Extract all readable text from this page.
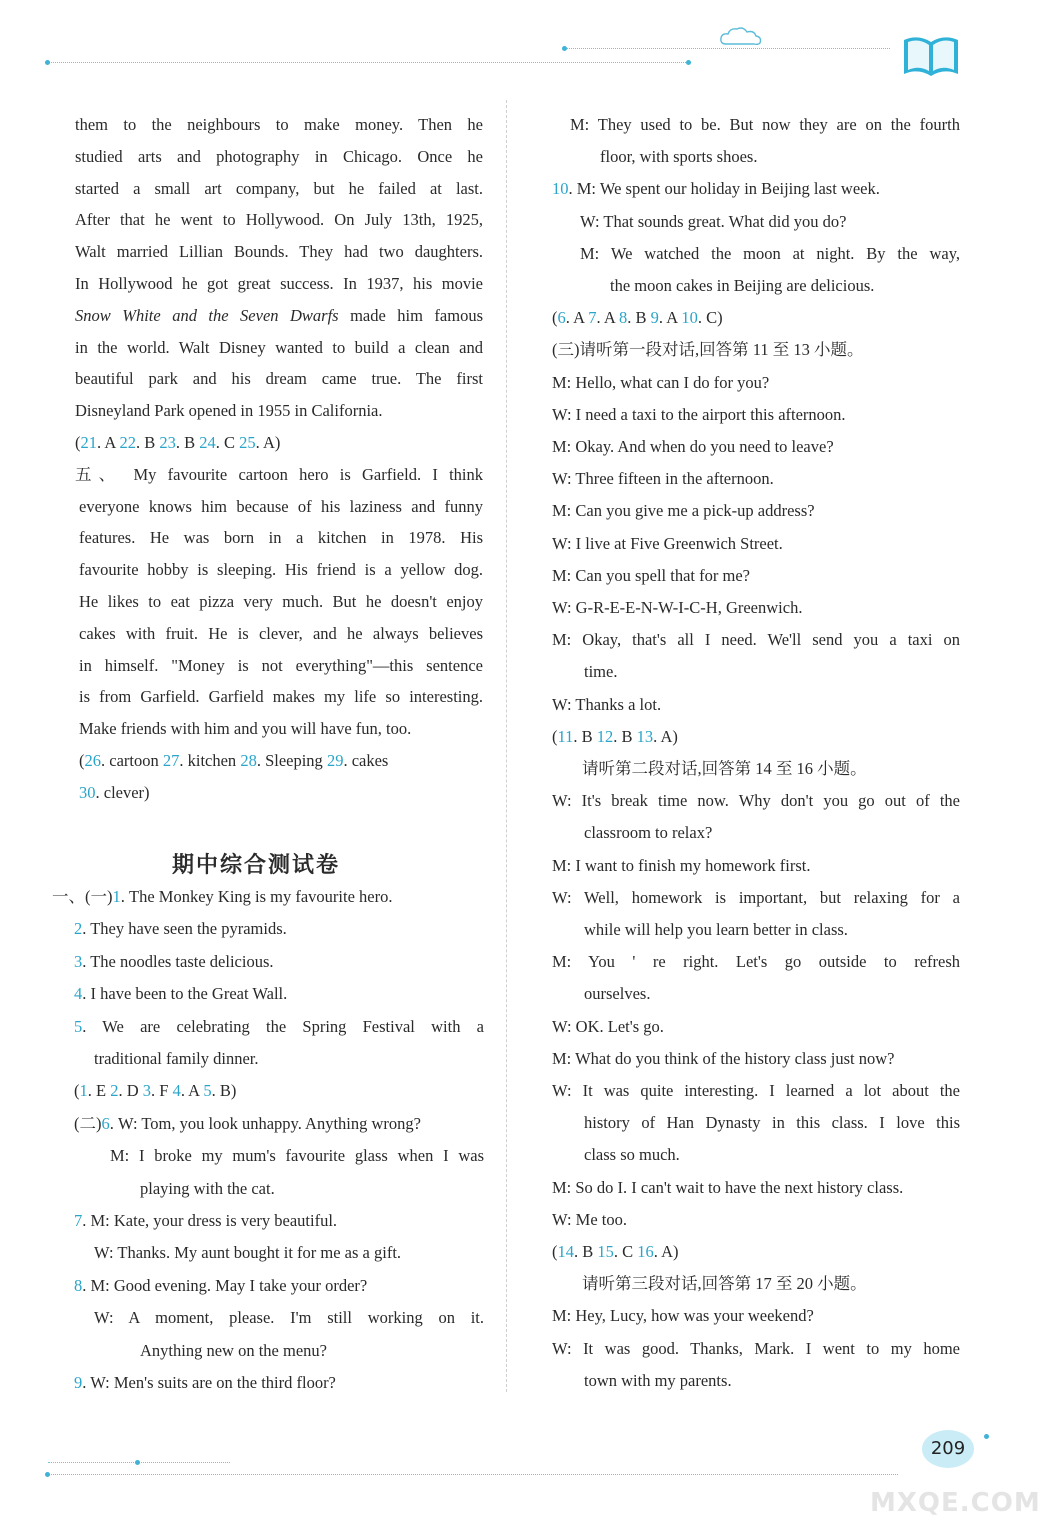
them to the neighbours to make money. Then he
studied arts and photography in Chicago. Once he
started a small art company, but he failed at last.
After that he went to Hollywood. On July 13th, 1925,
Walt married Lillian Bounds. They had two daughters.
In Hollywood he got great success. In 1937, his movie
Snow White and the Seven Dwarfs made him famous
in the world. Walt Disney wanted to build a clean and
beautiful park and his dream came true. The first
Disneyland Park opened in 1955 in California.
(21. A 22. B 23. B 24. C 25. A)
五、 My favourite cartoon hero is Garfield. I think
everyone knows him because of his laziness and funny
features. He was born in a kitchen in 1978. His
favourite hobby is sleeping. His friend is a yellow dog.
He likes to eat pizza very much. But he doesn't enjoy
cakes with fruit. He is clever, and he always believes
in himself. "Money is not everything"—this sentence
is from Garfield. Garfield makes my life so interesting.
Make friends with him and you will have fun, too.
(26. cartoon 27. kitchen 28. Sleeping 29. cakes
30. clever)
期中综合测试卷
一、(一)1. The Monkey King is my favourite hero.
2. They have seen the pyramids.
3. The noodles taste delicious.
4. I have been to the Great Wall.
5. We are celebrating the Spring Festival with a
traditional family dinner.
(1. E 2. D 3. F 4. A 5. B)
(二)6. W: Tom, you look unhappy. Anything wrong?
M: I broke my mum's favourite glass when I was
playing with the cat.
7. M: Kate, your dress is very beautiful.
W: Thanks. My aunt bought it for me as a gift.
8. M: Good evening. May I take your order?
W: A moment, please. I'm still working on it.
Anything new on the menu?
9. W: Men's suits are on the third floor?
M: They used to be. But now they are on the fourth
floor, with sports shoes.
10. M: We spent our holiday in Beijing last week.
W: That sounds great. What did you do?
M: We watched the moon at night. By the way,
the moon cakes in Beijing are delicious.
(6. A 7. A 8. B 9. A 10. C)
(三)请听第一段对话,回答第 11 至 13 小题。
M: Hello, what can I do for you?
W: I need a taxi to the airport this afternoon.
M: Okay. And when do you need to leave?
W: Three fifteen in the afternoon.
M: Can you give me a pick-up address?
W: I live at Five Greenwich Street.
M: Can you spell that for me?
W: G-R-E-E-N-W-I-C-H, Greenwich.
M: Okay, that's all I need. We'll send you a taxi on
time.
W: Thanks a lot.
(11. B 12. B 13. A)
请听第二段对话,回答第 14 至 16 小题。
W: It's break time now. Why don't you go out of the
classroom to relax?
M: I want to finish my homework first.
W: Well, homework is important, but relaxing for a
while will help you learn better in class.
M: You ' re right. Let's go outside to refresh
ourselves.
W: OK. Let's go.
M: What do you think of the history class just now?
W: It was quite interesting. I learned a lot about the
history of Han Dynasty in this class. I love this
class so much.
M: So do I. I can't wait to have the next history class.
W: Me too.
(14. B 15. C 16. A)
请听第三段对话,回答第 17 至 20 小题。
M: Hey, Lucy, how was your weekend?
W: It was good. Thanks, Mark. I went to my home
town with my parents.
209
MXQE.COM
